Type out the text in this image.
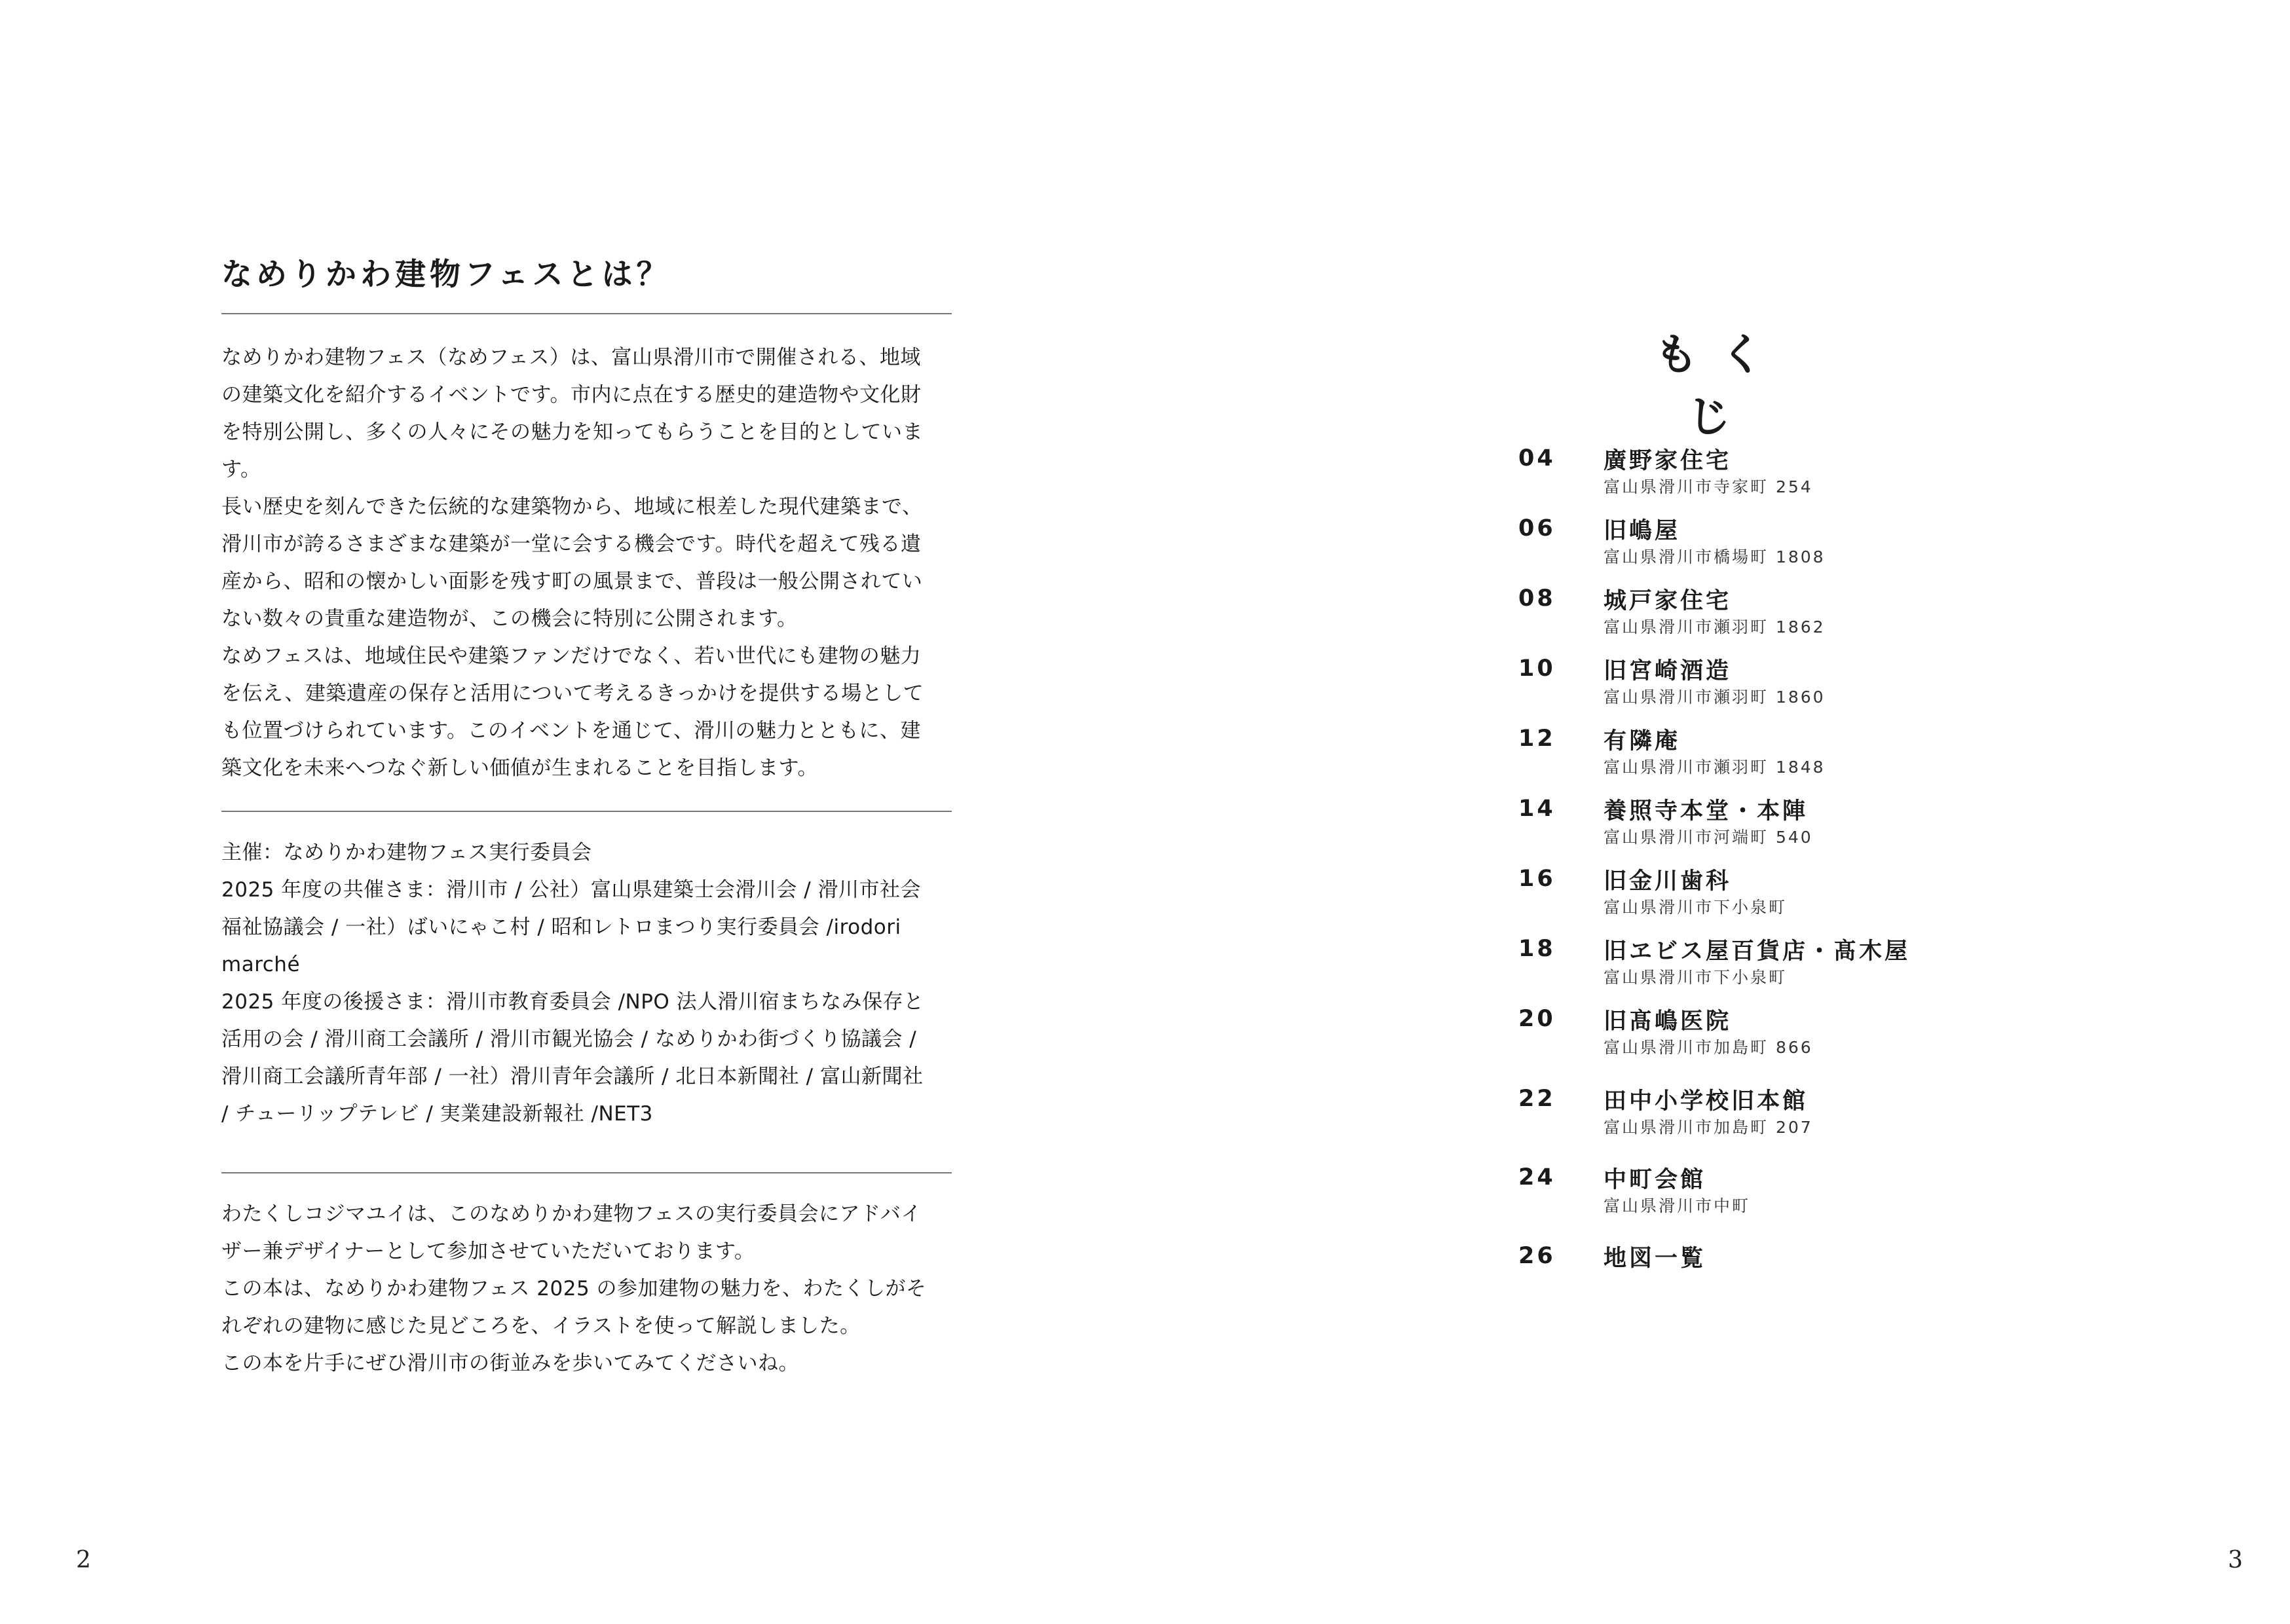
なめりかわ建物フェスとは？

なめりかわ建物フェス（なめフェス）は、富山県滑川市で開催される、地域
の建築文化を紹介するイベントです。市内に点在する歴史的建造物や文化財
を特別公開し、多くの人々にその魅力を知ってもらうことを目的としていま
す。

長い歴史を刻んできた伝統的な建築物から、地域に根差した現代建築まで、
滑川市が誇るさまざまな建築が一堂に会する機会です。時代を超えて残る遺
産から、昭和の懐かしい面影を残す町の風景まで、普段は一般公開されてい
ない数々の貴重な建造物が、この機会に特別に公開されます。

なめフェスは、地域住民や建築ファンだけでなく、若い世代にも建物の魅力
を伝え、建築遺産の保存と活用について考えるきっかけを提供する場として
も位置づけられています。このイベントを通じて、滑川の魅力とともに、建
築文化を未来へつなぐ新しい価値が生まれることを目指します。

主催：なめりかわ建物フェス実行委員会

2025 年度の共催さま：滑川市 / 公社）富山県建築士会滑川会 / 滑川市社会
福祉協議会 / 一社）ばいにゃこ村 / 昭和レトロまつり実行委員会 /irodori
marché

2025 年度の後援さま：滑川市教育委員会 /NPO 法人滑川宿まちなみ保存と
活用の会 / 滑川商工会議所 / 滑川市観光協会 / なめりかわ街づくり協議会 /
滑川商工会議所青年部 / 一社）滑川青年会議所 / 北日本新聞社 / 富山新聞社
/ チューリップテレビ / 実業建設新報社 /NET3

わたくしコジマユイは、このなめりかわ建物フェスの実行委員会にアドバイ
ザー兼デザイナーとして参加させていただいております。

この本は、なめりかわ建物フェス 2025 の参加建物の魅力を、わたくしがそ
れぞれの建物に感じた見どころを、イラストを使って解説しました。

この本を片手にぜひ滑川市の街並みを歩いてみてくださいね。

2
もくじ
04	廣野家住宅
富山県滑川市寺家町 254
06	旧嶋屋
富山県滑川市橋場町 1808
08	城戸家住宅
富山県滑川市瀬羽町 1862
10	旧宮崎酒造
富山県滑川市瀬羽町 1860
12	有隣庵
富山県滑川市瀬羽町 1848
14	養照寺本堂・本陣
富山県滑川市河端町 540
16	旧金川歯科
富山県滑川市下小泉町
18	旧ヱビス屋百貨店・髙木屋
富山県滑川市下小泉町
20	旧髙嶋医院
富山県滑川市加島町 866
22	田中小学校旧本館
富山県滑川市加島町 207
24	中町会館
富山県滑川市中町
26	地図一覧
3
